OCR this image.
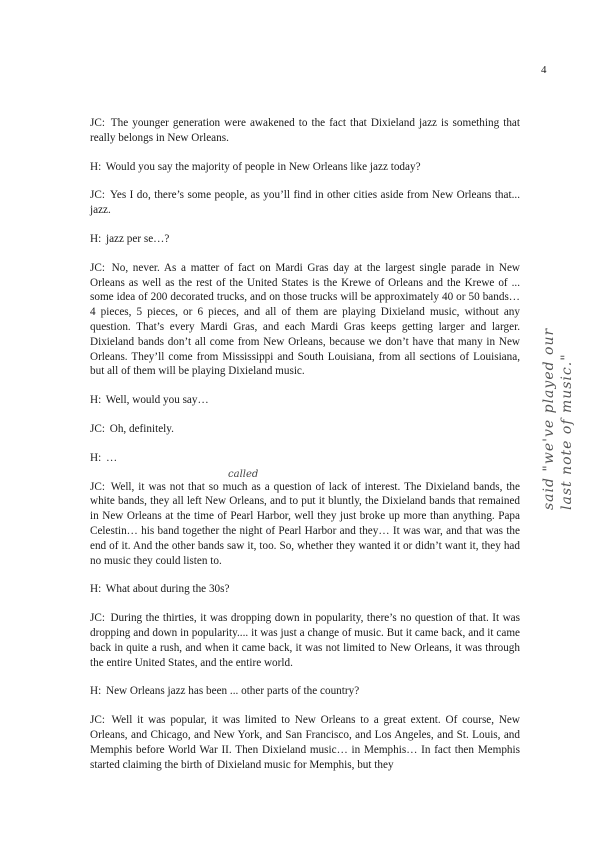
4

JC: The younger generation were awakened to the fact that Dixieland jazz is something that really belongs in New Orleans.

H: Would you say the majority of people in New Orleans like jazz today?

JC: Yes I do, there’s some people, as you’ll find in other cities aside from New Orleans that... jazz.

H: jazz per se…?

JC: No, never. As a matter of fact on Mardi Gras day at the largest single parade in New Orleans as well as the rest of the United States is the Krewe of Orleans and the Krewe of ... some idea of 200 decorated trucks, and on those trucks will be approximately 40 or 50 bands… 4 pieces, 5 pieces, or 6 pieces, and all of them are playing Dixieland music, without any question. That’s every Mardi Gras, and each Mardi Gras keeps getting larger and larger. Dixieland bands don’t all come from New Orleans, because we don’t have that many in New Orleans. They’ll come from Mississippi and South Louisiana, from all sections of Louisiana, but all of them will be playing Dixieland music.

H: Well, would you say…

JC: Oh, definitely.

H: …

JC: Well, it was not that so much as a question of lack of interest. The Dixieland bands, the white bands, they all left New Orleans, and to put it bluntly, the Dixieland bands that remained in New Orleans at the time of Pearl Harbor, well they just broke up more than anything. Papa Celestin… his band together the night of Pearl Harbor and they… It was war, and that was the end of it. And the other bands saw it, too. So, whether they wanted it or didn’t want it, they had no music they could listen to.

H: What about during the 30s?

JC: During the thirties, it was dropping down in popularity, there’s no question of that. It was dropping and down in popularity.... it was just a change of music. But it came back, and it came back in quite a rush, and when it came back, it was not limited to New Orleans, it was through the entire United States, and the entire world.

H: New Orleans jazz has been ... other parts of the country?

JC: Well it was popular, it was limited to New Orleans to a great extent. Of course, New Orleans, and Chicago, and New York, and San Francisco, and Los Angeles, and St. Louis, and Memphis before World War II. Then Dixieland music… in Memphis… In fact then Memphis started claiming the birth of Dixieland music for Memphis, but they

called	said "we've played our last note of music."
